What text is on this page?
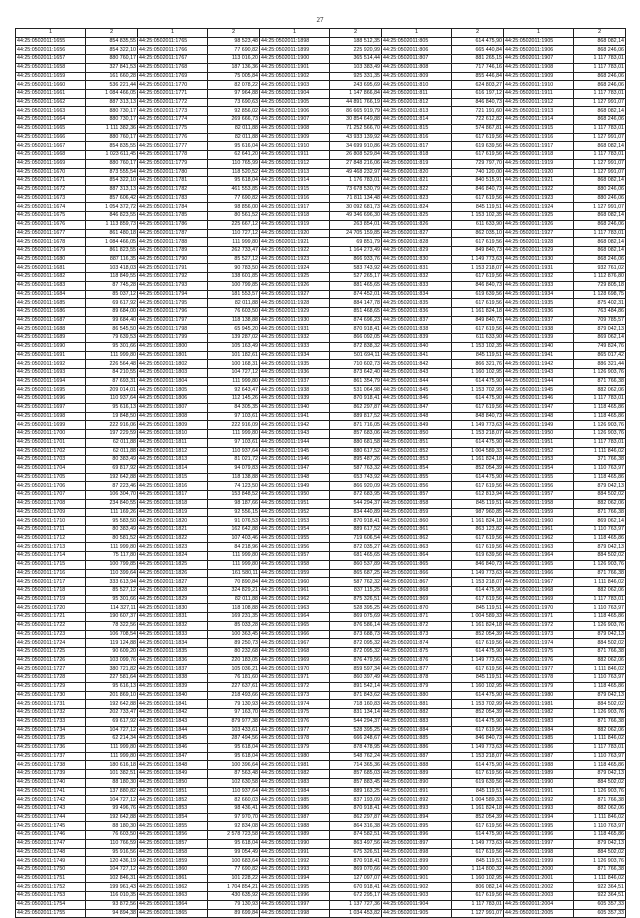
27
1	2	1	2	1	2	1	2	1	2
44:25:0502011:1655	854 835,55	44:25:0502011:1765	98 523,48	44:25:0502011:1898	188 512,35	44:25:0502011:805	614 475,90	44:25:0502011:1905	868 082,14
44:25:0502011:1656	854 322,10	44:25:0502011:1766	77 690,82	44:25:0502011:1899	225 920,99	44:25:0502011:806	665 440,84	44:25:0502011:1906	868 246,06
44:25:0502011:1657	880 760,17	44:25:0502011:1767	113 016,20	44:25:0502011:1900	365 514,44	44:25:0502011:807	881 265,15	44:25:0502011:1907	1 117 783,01
44:25:0502011:1658	327 841,53	44:25:0502011:1768	187 136,36	44:25:0502011:1901	103 383,49	44:25:0502011:808	717 746,16	44:25:0502011:1908	1 117 783,01
44:25:0502011:1659	161 660,28	44:25:0502011:1769	75 005,84	44:25:0502011:1902	925 331,35	44:25:0502011:809	855 446,84	44:25:0502011:1909	868 246,06
44:25:0502011:1660	536 221,44	44:25:0502011:1770	82 078,22	44:25:0502011:1903	243 695,69	44:25:0502011:810	624 803,27	44:25:0502011:1910	868 246,06
44:25:0502011:1661	1 084 466,05	44:25:0502011:1771	97 964,88	44:25:0502011:1904	1 147 866,84	44:25:0502011:811	616 197,12	44:25:0502011:1911	1 117 783,01
44:25:0502011:1662	887 313,13	44:25:0502011:1772	73 690,63	44:25:0502011:1905	44 891 766,19	44:25:0502011:812	846 840,73	44:25:0502011:1912	1 127 991,07
44:25:0502011:1663	880 730,17	44:25:0502011:1773	92 856,02	44:25:0502011:1906	86 665 919,79	44:25:0502011:813	721 191,60	44:25:0502011:1913	868 082,14
44:25:0502011:1664	880 730,17	44:25:0502011:1774	269 666,73	44:25:0502011:1907	30 854 649,88	44:25:0502011:814	722 612,82	44:25:0502011:1914	868 246,06
44:25:0502011:1665	1 111 382,36	44:25:0502011:1775	82 011,88	44:25:0502011:1908	71 252 566,70	44:25:0502011:815	574 867,81	44:25:0502011:1915	1 117 783,01
44:25:0502011:1666	880 760,17	44:25:0502011:1776	82 011,88	44:25:0502011:1909	43 933 139,92	44:25:0502011:816	617 619,56	44:25:0502011:1916	1 127 991,07
44:25:0502011:1667	854 835,55	44:25:0502011:1777	95 616,04	44:25:0502011:1910	34 699 910,86	44:25:0502011:817	619 639,56	44:25:0502011:1917	868 082,14
44:25:0502011:1668	1 023 611,45	44:25:0502011:1778	62 641,20	44:25:0502011:1911	26 808 529,84	44:25:0502011:818	617 619,56	44:25:0502011:1918	1 117 783,01
44:25:0502011:1669	880 760,17	44:25:0502011:1779	110 765,99	44:25:0502011:1912	27 848 216,06	44:25:0502011:819	729 797,70	44:25:0502011:1919	1 127 991,07
44:25:0502011:1670	873 555,54	44:25:0502011:1780	118 520,52	44:25:0502011:1913	49 468 232,97	44:25:0502011:820	740 120,00	44:25:0502011:1920	1 127 991,07
44:25:0502011:1671	854 322,10	44:25:0502011:1781	95 618,04	44:25:0502011:1914	1 176 783,01	44:25:0502011:821	840 515,91	44:25:0502011:1921	868 082,14
44:25:0502011:1672	887 313,13	44:25:0502011:1782	461 553,85	44:25:0502011:1915	73 678 530,79	44:25:0502011:822	846 840,73	44:25:0502011:1922	880 246,06
44:25:0502011:1673	857 606,42	44:25:0502011:1783	77 690,82	44:25:0502011:1916	71 811 134,48	44:25:0502011:823	617 619,56	44:25:0502011:1923	880 246,06
44:25:0502011:1674	1 054 372,72	44:25:0502011:1784	98 856,00	44:25:0502011:1917	30 092 681,73	44:25:0502011:824	845 119,51	44:25:0502011:1924	1 127 991,07
44:25:0502011:1675	846 823,55	44:25:0502011:1785	80 561,52	44:25:0502011:1918	49 346 696,30	44:25:0502011:825	1 153 102,35	44:25:0502011:1925	868 082,14
44:25:0502011:1676	1 113 859,73	44:25:0502011:1786	225 667,12	44:25:0502011:1919	263 854,01	44:25:0502011:826	611 633,90	44:25:0502011:1926	868 246,06
44:25:0502011:1677	861 480,18	44:25:0502011:1787	110 727,12	44:25:0502011:1920	24 705 159,85	44:25:0502011:827	862 035,10	44:25:0502011:1927	1 117 783,01
44:25:0502011:1678	1 084 466,05	44:25:0502011:1788	111 999,80	44:25:0502011:1921	69 851,79	44:25:0502011:828	617 619,56	44:25:0502011:1928	868 082,14
44:25:0502011:1679	861 823,55	44:25:0502011:1789	262 733,47	44:25:0502011:1922	1 164 273,49	44:25:0502011:829	849 840,73	44:25:0502011:1929	868 082,14
44:25:0502011:1680	887 116,35	44:25:0502011:1790	85 527,12	44:25:0502011:1923	866 933,76	44:25:0502011:830	1 149 773,63	44:25:0502011:1930	868 246,06
44:25:0502011:1681	103 418,03	44:25:0502011:1791	90 783,50	44:25:0502011:1924	583 743,92	44:25:0502011:831	1 153 218,07	44:25:0502011:1931	932 761,02
44:25:0502011:1682	118 849,55	44:25:0502011:1792	138 601,85	44:25:0502011:1925	527 265,17	44:25:0502011:832	617 619,56	44:25:0502011:1932	1 112 876,80
44:25:0502011:1683	87 745,28	44:25:0502011:1793	100 799,85	44:25:0502011:1926	881 465,65	44:25:0502011:833	846 840,73	44:25:0502011:1933	729 805,18
44:25:0502011:1684	85 037,12	44:25:0502011:1794	181 553,57	44:25:0502011:1927	874 452,01	44:25:0502011:834	619 639,56	44:25:0502011:1934	1 128 698,75
44:25:0502011:1685	69 617,92	44:25:0502011:1795	82 011,88	44:25:0502011:1928	884 147,78	44:25:0502011:835	617 619,56	44:25:0502011:1935	875 402,31
44:25:0502011:1686	89 684,00	44:25:0502011:1796	76 603,50	44:25:0502011:1929	851 468,65	44:25:0502011:836	1 161 824,18	44:25:0502011:1936	763 484,86
44:25:0502011:1687	99 684,40	44:25:0502011:1797	118 138,88	44:25:0502011:1930	874 696,23	44:25:0502011:837	849 840,73	44:25:0502011:1937	709 785,57
44:25:0502011:1688	86 545,50	44:25:0502011:1798	65 945,20	44:25:0502011:1931	870 918,41	44:25:0502011:838	617 619,56	44:25:0502011:1938	879 042,13
44:25:0502011:1689	79 639,53	44:25:0502011:1799	139 287,02	44:25:0502011:1932	866 092,05	44:25:0502011:839	611 633,90	44:25:0502011:1939	869 062,14
44:25:0502011:1690	95 301,66	44:25:0502011:1800	105 163,49	44:25:0502011:1933	872 838,32	44:25:0502011:840	1 153 102,35	44:25:0502011:1940	749 824,76
44:25:0502011:1691	111 999,80	44:25:0502011:1801	101 182,61	44:25:0502011:1934	501 694,11	44:25:0502011:841	845 119,51	44:25:0502011:1941	865 017,42
44:25:0502011:1692	226 564,48	44:25:0502011:1802	100 168,31	44:25:0502011:1935	710 602,73	44:25:0502011:842	866 321,76	44:25:0502011:1942	886 321,44
44:25:0502011:1693	84 210,55	44:25:0502011:1803	104 727,12	44:25:0502011:1936	873 642,40	44:25:0502011:843	1 160 102,95	44:25:0502011:1943	1 126 903,76
44:25:0502011:1694	87 693,31	44:25:0502011:1804	111 999,80	44:25:0502011:1937	861 354,79	44:25:0502011:844	614 475,90	44:25:0502011:1944	871 766,38
44:25:0502011:1695	209 014,01	44:25:0502011:1805	92 643,47	44:25:0502011:1938	531 064,98	44:25:0502011:845	1 153 702,99	44:25:0502011:1945	882 062,06
44:25:0502011:1696	110 937,64	44:25:0502011:1806	112 145,26	44:25:0502011:1939	870 918,41	44:25:0502011:846	614 475,90	44:25:0502011:1946	1 117 783,01
44:25:0502011:1697	95 616,13	44:25:0502011:1807	84 305,35	44:25:0502011:1940	862 297,87	44:25:0502011:847	617 619,56	44:25:0502011:1947	1 118 465,86
44:25:0502011:1698	19 848,50	44:25:0502011:1808	97 103,61	44:25:0502011:1941	889 817,52	44:25:0502011:848	848 840,73	44:25:0502011:1948	1 118 465,86
44:25:0502011:1699	222 916,06	44:25:0502011:1809	222 916,09	44:25:0502011:1942	871 716,05	44:25:0502011:849	1 149 773,63	44:25:0502011:1949	1 126 903,76
44:25:0502011:1700	197 229,59	44:25:0502011:1810	111 999,80	44:25:0502011:1943	857 683,06	44:25:0502011:850	1 153 218,07	44:25:0502011:1950	1 126 903,76
44:25:0502011:1701	62 011,88	44:25:0502011:1811	97 103,61	44:25:0502011:1944	880 681,58	44:25:0502011:851	614 475,90	44:25:0502011:1951	1 117 783,01
44:25:0502011:1702	62 011,88	44:25:0502011:1812	110 937,64	44:25:0502011:1945	880 617,52	44:25:0502011:852	1 004 589,33	44:25:0502011:1952	1 111 846,02
44:25:0502011:1703	80 383,49	44:25:0502011:1813	81 021,72	44:25:0502011:1946	895 487,26	44:25:0502011:853	1 161 824,18	44:25:0502011:1953	371 766,38
44:25:0502011:1704	69 817,92	44:25:0502011:1814	94 079,83	44:25:0502011:1947	587 763,32	44:25:0502011:854	852 054,39	44:25:0502011:1954	1 110 763,97
44:25:0502011:1705	192 642,88	44:25:0502011:1815	118 138,88	44:25:0502011:1948	653 743,92	44:25:0502011:855	614 475,90	44:25:0502011:1955	1 118 465,86
44:25:0502011:1706	87 223,46	44:25:0502011:1816	74 123,50	44:25:0502011:1949	866 920,09	44:25:0502011:856	617 619,56	44:25:0502011:1956	879 042,13
44:25:0502011:1707	106 304,70	44:25:0502011:1817	153 848,52	44:25:0502011:1950	872 683,95	44:25:0502011:857	612 813,94	44:25:0502011:1957	884 502,02
44:25:0502011:1708	234 840,55	44:25:0502011:1818	98 187,66	44:25:0502011:1951	544 294,37	44:25:0502011:858	845 119,51	44:25:0502011:1958	882 062,06
44:25:0502011:1709	111 169,26	44:25:0502011:1819	92 556,15	44:25:0502011:1952	834 440,89	44:25:0502011:859	987 960,85	44:25:0502011:1959	871 766,38
44:25:0502011:1710	95 583,50	44:25:0502011:1820	91 076,53	44:25:0502011:1953	870 918,41	44:25:0502011:860	1 161 824,18	44:25:0502011:1960	869 062,14
44:25:0502011:1711	80 383,49	44:25:0502011:1821	162 642,88	44:25:0502011:1954	889 617,52	44:25:0502011:861	863 123,82	44:25:0502011:1961	1 110 763,97
44:25:0502011:1712	80 581,52	44:25:0502011:1822	107 403,46	44:25:0502011:1955	719 606,54	44:25:0502011:862	617 619,56	44:25:0502011:1962	1 118 465,86
44:25:0502011:1713	111 999,80	44:25:0502011:1823	84 218,96	44:25:0502011:1956	872 035,27	44:25:0502011:863	617 619,56	44:25:0502011:1963	879 042,13
44:25:0502011:1714	75 117,80	44:25:0502011:1824	111 999,80	44:25:0502011:1957	681 465,65	44:25:0502011:864	619 639,56	44:25:0502011:1964	884 502,02
44:25:0502011:1715	100 799,85	44:25:0502011:1825	111 999,80	44:25:0502011:1958	860 537,89	44:25:0502011:865	846 840,73	44:25:0502011:1965	1 126 903,76
44:25:0502011:1716	110 399,64	44:25:0502011:1826	161 580,11	44:25:0502011:1959	865 687,25	44:25:0502011:866	1 149 773,63	44:25:0502011:1966	871 766,38
44:25:0502011:1717	333 613,94	44:25:0502011:1827	70 890,84	44:25:0502011:1960	587 762,32	44:25:0502011:867	1 153 218,07	44:25:0502011:1967	1 111 846,02
44:25:0502011:1718	85 527,12	44:25:0502011:1828	324 829,21	44:25:0502011:1961	837 115,25	44:25:0502011:868	614 475,90	44:25:0502011:1968	882 062,06
44:25:0502011:1719	95 301,66	44:25:0502011:1829	82 011,88	44:25:0502011:1962	875 326,51	44:25:0502011:869	617 619,56	44:25:0502011:1969	1 117 783,01
44:25:0502011:1720	114 327,11	44:25:0502011:1830	118 108,88	44:25:0502011:1963	528 395,25	44:25:0502011:870	845 119,51	44:25:0502011:1970	1 110 763,97
44:25:0502011:1721	190 607,37	44:25:0502011:1831	169 231,35	44:25:0502011:1964	869 075,69	44:25:0502011:871	1 004 589,33	44:25:0502011:1971	1 118 465,86
44:25:0502011:1722	78 322,56	44:25:0502011:1832	85 033,28	44:25:0502011:1965	876 586,14	44:25:0502011:872	1 161 824,18	44:25:0502011:1972	1 126 903,76
44:25:0502011:1723	106 708,54	44:25:0502011:1833	100 363,45	44:25:0502011:1966	873 688,73	44:25:0502011:873	852 054,39	44:25:0502011:1973	879 042,13
44:25:0502011:1724	119 124,88	44:25:0502011:1834	89 250,73	44:25:0502011:1967	872 095,32	44:25:0502011:874	617 619,56	44:25:0502011:1974	884 502,02
44:25:0502011:1725	90 609,20	44:25:0502011:1835	80 232,68	44:25:0502011:1968	872 095,32	44:25:0502011:875	614 475,90	44:25:0502011:1975	871 766,38
44:25:0502011:1726	103 099,76	44:25:0502011:1836	220 183,05	44:25:0502011:1969	876 479,56	44:25:0502011:876	1 149 773,63	44:25:0502011:1976	882 062,06
44:25:0502011:1727	380 721,82	44:25:0502011:1837	105 036,21	44:25:0502011:1970	859 597,34	44:25:0502011:877	617 619,56	44:25:0502011:1977	1 111 846,02
44:25:0502011:1728	227 581,64	44:25:0502011:1838	76 181,60	44:25:0502011:1971	860 397,49	44:25:0502011:878	845 119,51	44:25:0502011:1978	1 110 763,97
44:25:0502011:1729	95 616,13	44:25:0502011:1839	227 637,61	44:25:0502011:1972	891 542,14	44:25:0502011:879	1 160 102,95	44:25:0502011:1979	1 118 465,86
44:25:0502011:1730	201 869,10	44:25:0502011:1840	218 493,66	44:25:0502011:1973	871 843,62	44:25:0502011:880	614 475,90	44:25:0502011:1980	879 042,13
44:25:0502011:1731	192 642,88	44:25:0502011:1841	79 130,93	44:25:0502011:1974	718 160,83	44:25:0502011:881	1 153 702,99	44:25:0502011:1981	884 502,02
44:25:0502011:1732	202 733,47	44:25:0502011:1842	97 163,70	44:25:0502011:1975	831 134,14	44:25:0502011:882	852 054,39	44:25:0502011:1982	1 126 903,76
44:25:0502011:1733	69 617,92	44:25:0502011:1843	879 977,38	44:25:0502011:1976	544 294,37	44:25:0502011:883	614 475,90	44:25:0502011:1983	871 766,38
44:25:0502011:1734	104 727,12	44:25:0502011:1844	103 433,61	44:25:0502011:1977	528 395,25	44:25:0502011:884	617 619,56	44:25:0502011:1984	882 062,06
44:25:0502011:1735	62 214,34	44:25:0502011:1845	287 494,56	44:25:0502011:1978	666 248,67	44:25:0502011:885	846 840,73	44:25:0502011:1985	1 111 846,02
44:25:0502011:1736	111 999,80	44:25:0502011:1846	95 618,04	44:25:0502011:1979	878 478,95	44:25:0502011:886	1 149 773,63	44:25:0502011:1986	1 117 783,01
44:25:0502011:1737	111 999,80	44:25:0502011:1847	95 618,04	44:25:0502011:1980	548 762,24	44:25:0502011:887	1 153 218,07	44:25:0502011:1987	1 110 763,97
44:25:0502011:1738	180 616,18	44:25:0502011:1848	100 396,64	44:25:0502011:1981	714 365,36	44:25:0502011:888	614 475,90	44:25:0502011:1988	1 118 465,86
44:25:0502011:1739	101 382,51	44:25:0502011:1849	87 563,48	44:25:0502011:1982	857 685,03	44:25:0502011:889	617 619,56	44:25:0502011:1989	879 042,13
44:25:0502011:1740	88 180,30	44:25:0502011:1850	102 630,58	44:25:0502011:1983	857 883,45	44:25:0502011:890	619 639,56	44:25:0502011:1990	884 502,02
44:25:0502011:1741	137 880,82	44:25:0502011:1851	110 937,64	44:25:0502011:1984	889 163,25	44:25:0502011:891	845 119,51	44:25:0502011:1991	1 126 903,76
44:25:0502011:1742	104 727,12	44:25:0502011:1852	82 660,03	44:25:0502011:1985	837 193,09	44:25:0502011:892	1 004 589,33	44:25:0502011:1992	871 766,38
44:25:0502011:1743	99 496,76	44:25:0502011:1853	98 436,41	44:25:0502011:1986	870 918,41	44:25:0502011:893	1 161 824,18	44:25:0502011:1993	882 062,06
44:25:0502011:1744	192 642,88	44:25:0502011:1854	97 970,70	44:25:0502011:1987	862 297,87	44:25:0502011:894	852 054,39	44:25:0502011:1994	1 111 846,02
44:25:0502011:1745	88 180,30	44:25:0502011:1855	92 834,08	44:25:0502011:1988	864 316,38	44:25:0502011:895	617 619,56	44:25:0502011:1995	1 110 763,97
44:25:0502011:1746	76 603,50	44:25:0502011:1856	2 578 723,58	44:25:0502011:1989	874 582,51	44:25:0502011:896	614 475,90	44:25:0502011:1996	1 118 465,86
44:25:0502011:1747	110 766,59	44:25:0502011:1857	95 618,04	44:25:0502011:1990	863 497,56	44:25:0502011:897	1 149 773,63	44:25:0502011:1997	879 042,13
44:25:0502011:1748	95 916,56	44:25:0502011:1858	99 054,49	44:25:0502011:1991	675 326,51	44:25:0502011:898	617 619,56	44:25:0502011:1998	884 502,02
44:25:0502011:1749	120 436,19	44:25:0502011:1859	100 683,64	44:25:0502011:1992	870 918,41	44:25:0502011:899	845 119,51	44:25:0502011:1999	1 126 903,76
44:25:0502011:1750	104 727,12	44:25:0502011:1860	77 690,82	44:25:0502011:1993	869 070,66	44:25:0502011:900	1 114 800,32	44:25:0502011:2000	871 766,38
44:25:0502011:1751	102 846,31	44:25:0502011:1861	101 228,22	44:25:0502011:1994	127 097,07	44:25:0502011:901	1 160 102,95	44:25:0502011:2001	1 111 846,02
44:25:0502011:1752	199 961,43	44:25:0502011:1862	1 704 854,21	44:25:0502011:1995	670 918,41	44:25:0502011:902	806 082,14	44:25:0502011:2002	922 364,51
44:25:0502011:1753	116 010,35	44:25:0502011:1863	430 635,92	44:25:0502011:1996	672 295,17	44:25:0502011:903	617 619,56	44:25:0502011:2003	922 364,51
44:25:0502011:1754	93 872,56	44:25:0502011:1864	79 130,93	44:25:0502011:1997	1 137 727,36	44:25:0502011:904	1 117 783,01	44:25:0502011:2004	605 357,33
44:25:0502011:1755	94 894,38	44:25:0502011:1865	89 699,84	44:25:0502011:1998	1 034 453,82	44:25:0502011:905	1 127 991,07	44:25:0502011:2005	605 357,33
